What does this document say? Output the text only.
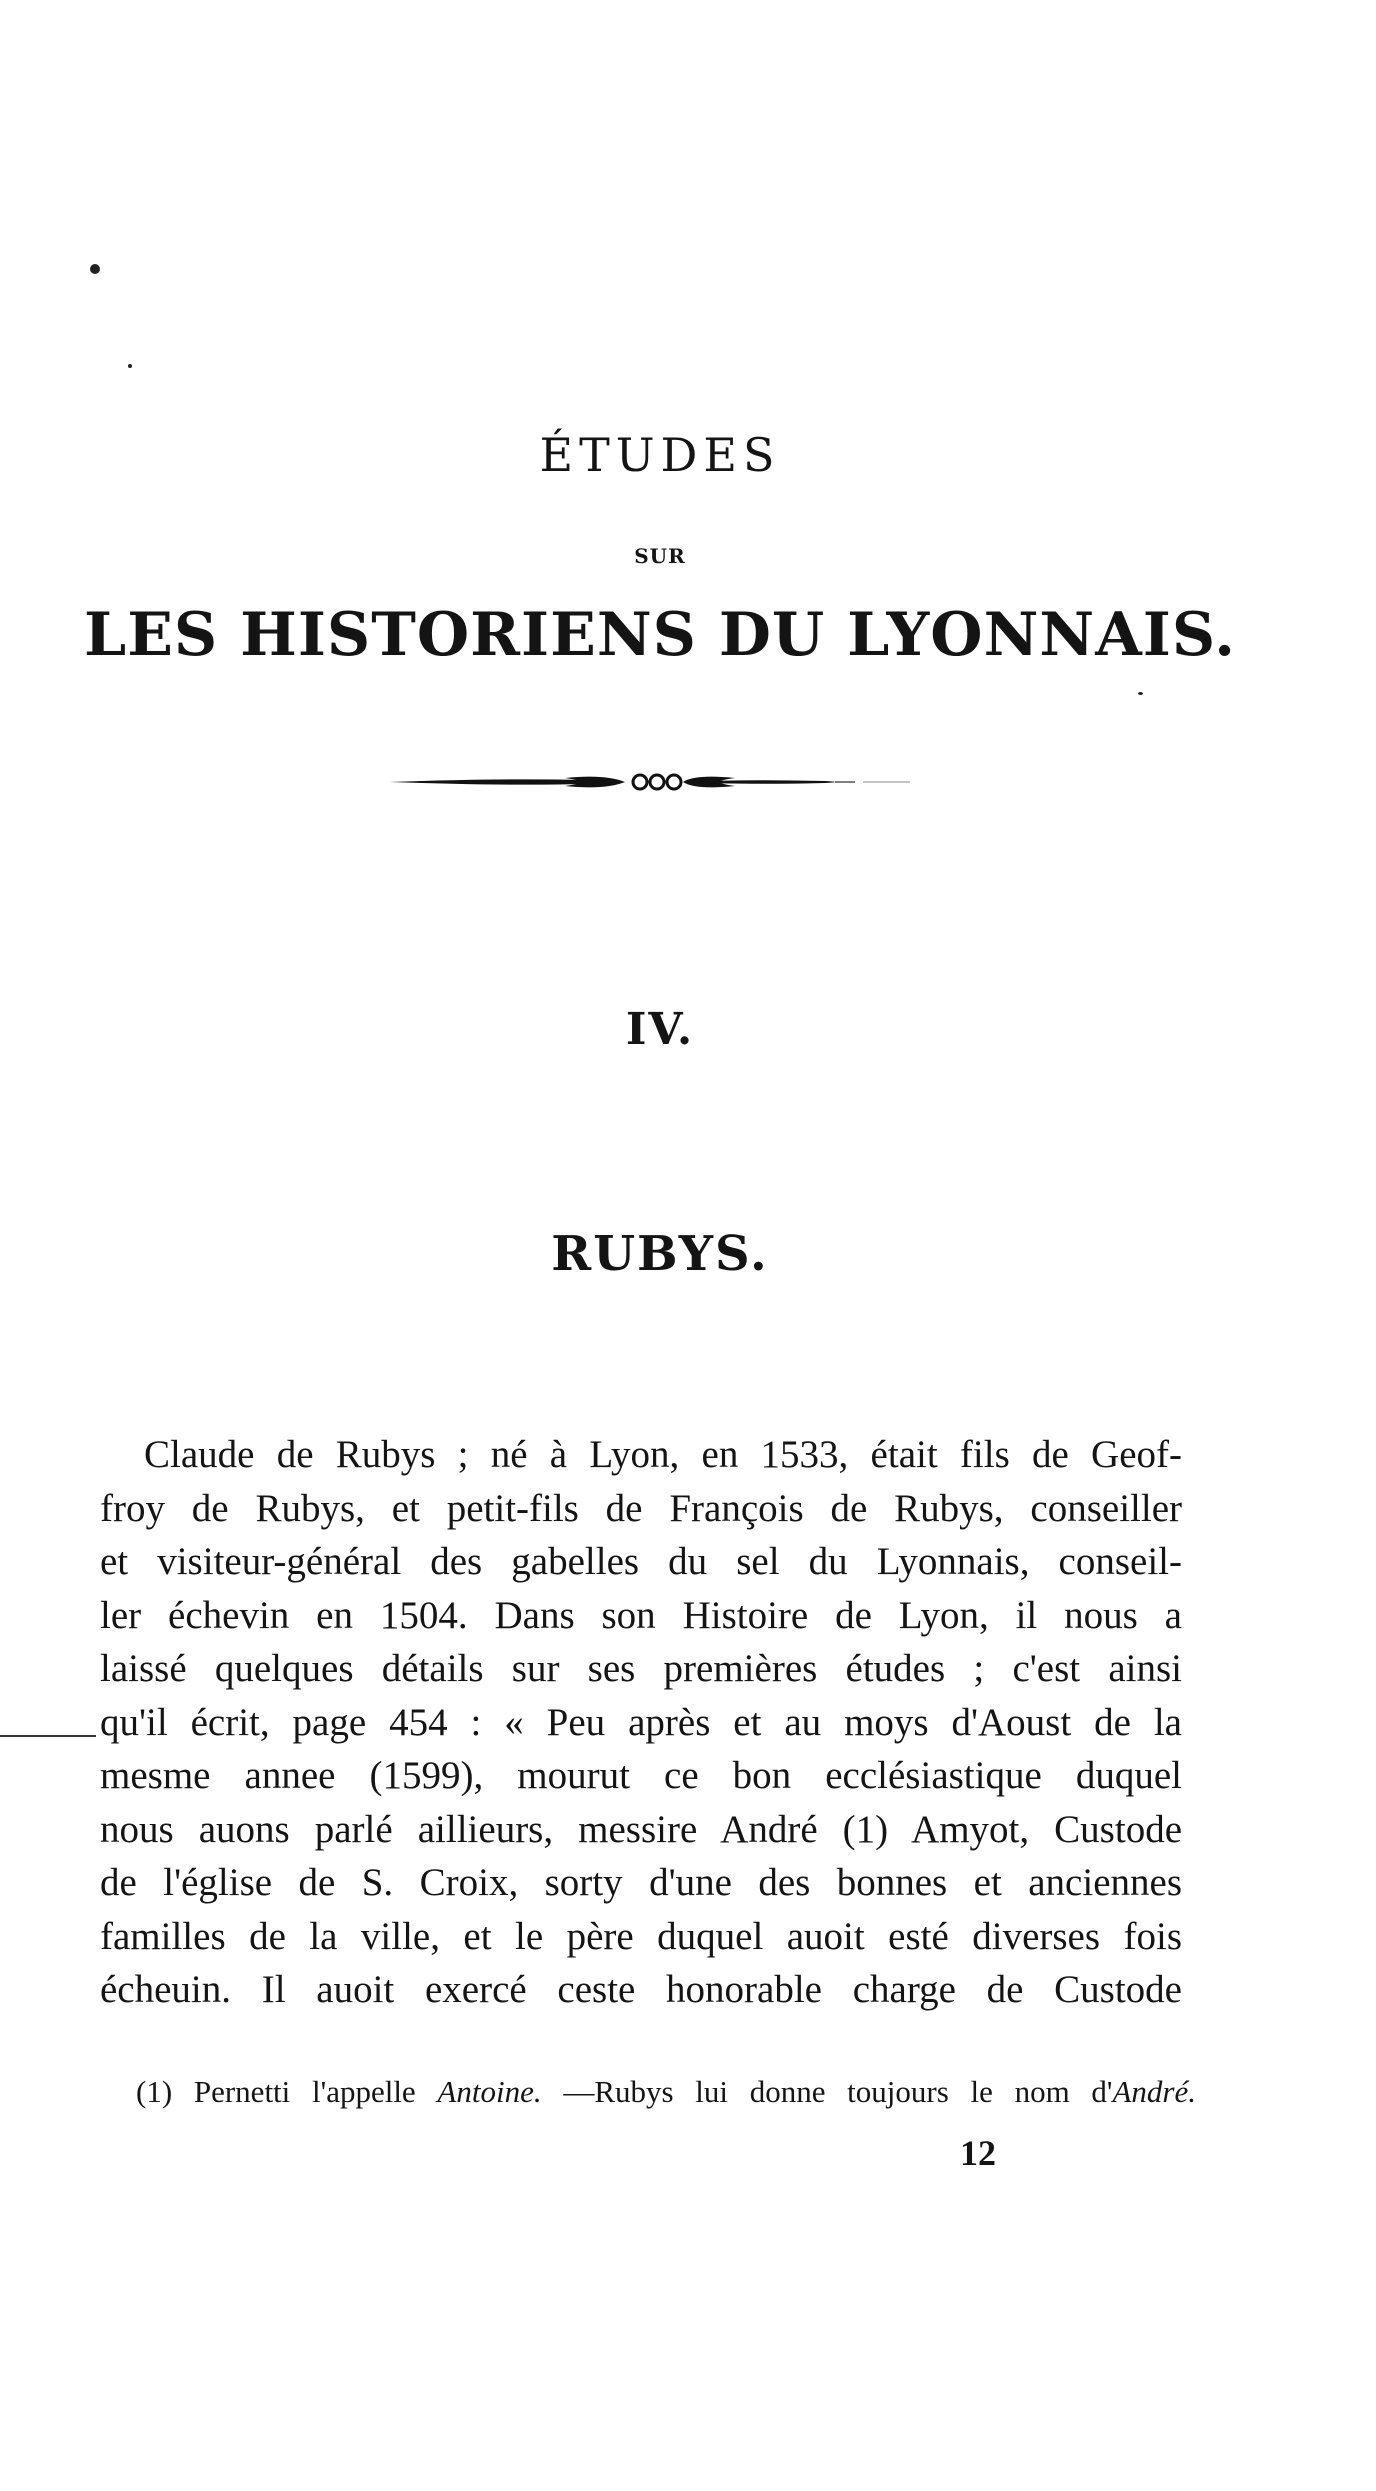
ÉTUDES
SUR
LES HISTORIENS DU LYONNAIS.
IV.
RUBYS.
Claude de Rubys ; né à Lyon, en 1533, était fils de Geof-
froy de Rubys, et petit-fils de François de Rubys, conseiller
et visiteur-général des gabelles du sel du Lyonnais, conseil-
ler échevin en 1504. Dans son Histoire de Lyon, il nous a
laissé quelques détails sur ses premières études ; c'est ainsi
qu'il écrit, page 454 : « Peu après et au moys d'Aoust de la
mesme annee (1599), mourut ce bon ecclésiastique duquel
nous auons parlé aillieurs, messire André (1) Amyot, Custode
de l'église de S. Croix, sorty d'une des bonnes et anciennes
familles de la ville, et le père duquel auoit esté diverses fois
écheuin. Il auoit exercé ceste honorable charge de Custode
(1) Pernetti l'appelle Antoine. —Rubys lui donne toujours le nom d'André.
12
